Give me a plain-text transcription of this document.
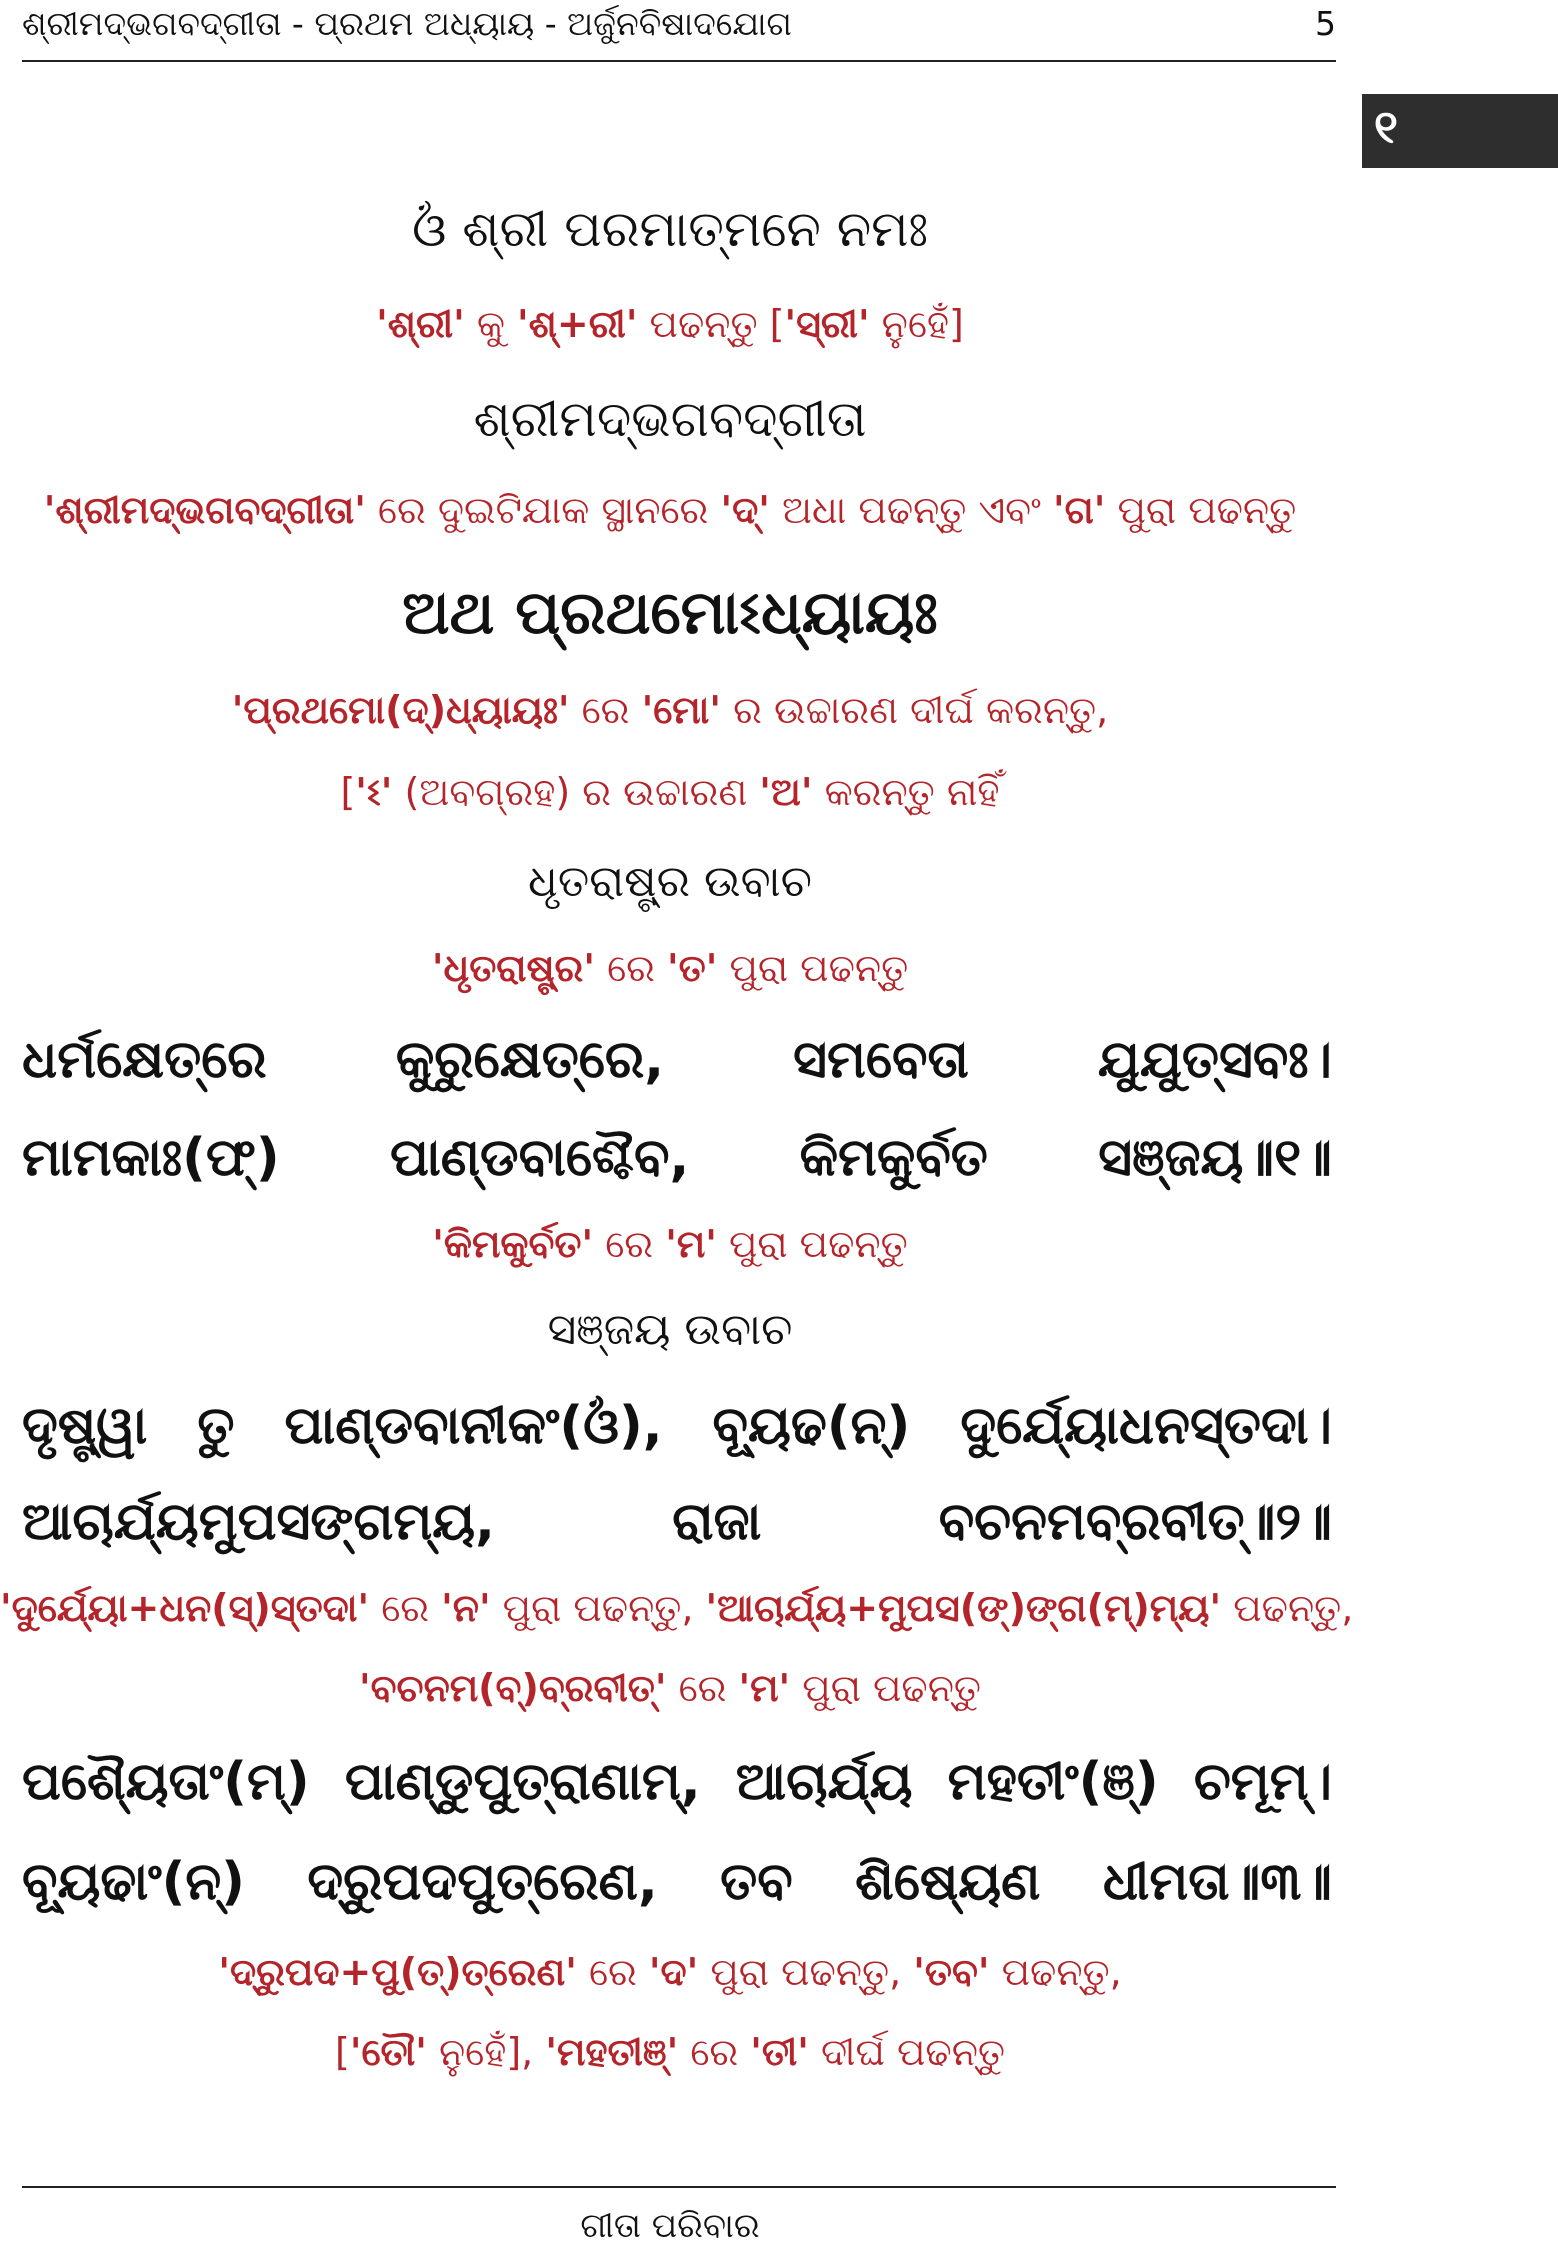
ଶ୍ରୀମଦ୍ଭଗବଦ୍ଗୀତା - ପ୍ରଥମ ଅଧ୍ୟାୟ - ଅର୍ଜୁନବିଷାଦଯୋଗ	5
୧
ଓଁ ଶ୍ରୀ ପରମାତ୍ମନେ ନମଃ
'ଶ୍ରୀ' କୁ 'ଶ୍‌+ରୀ' ପଢନ୍ତୁ ['ସ୍ରୀ' ନୁହେଁ]
ଶ୍ରୀମଦ୍ଭଗବଦ୍ଗୀତା
'ଶ୍ରୀମଦ୍ଭଗବଦ୍ଗୀତା' ରେ ଦୁଇଟିଯାକ ସ୍ଥାନରେ 'ଦ୍' ଅଧା ପଢନ୍ତୁ ଏବଂ 'ଗ' ପୁରା ପଢନ୍ତୁ
ଅଥ ପ୍ରଥମୋଽଧ୍ୟାୟଃ
'ପ୍ରଥମୋ(ଦ୍)ଧ୍ୟାୟଃ' ରେ 'ମୋ' ର ଉଚ୍ଚାରଣ ଦୀର୍ଘ କରନ୍ତୁ,
['ଽ' (ଅବଗ୍ରହ) ର ଉଚ୍ଚାରଣ 'ଅ' କରନ୍ତୁ ନାହିଁ
ଧୃତରାଷ୍ଟ୍ର ଉବାଚ
'ଧୃତରାଷ୍ଟ୍ର' ରେ 'ତ' ପୁରା ପଢନ୍ତୁ
ଧର୍ମକ୍ଷେତ୍ରେ କୁରୁକ୍ଷେତ୍ରେ, ସମବେତା ଯୁଯୁତ୍ସବଃ।
ମାମକାଃ(ଫ୍) ପାଣ୍ଡବାଶ୍ଚୈବ, କିମକୁର୍ବତ ସଞ୍ଜୟ॥୧॥
'କିମକୁର୍ବତ' ରେ 'ମ' ପୁରା ପଢନ୍ତୁ
ସଞ୍ଜୟ ଉବାଚ
ଦୃଷ୍ଟ୍ୱା ତୁ ପାଣ୍ଡବାନୀକଂ(ଓଁ), ବ୍ୟୂଢ(ନ୍) ଦୁର୍ଯ୍ୟୋଧନସ୍ତଦା।
ଆଚାର୍ଯ୍ୟମୁପସଙ୍ଗମ୍ୟ,	ରାଜା	ବଚନମବ୍ରବୀତ୍॥୨॥
'ଦୁର୍ଯ୍ୟୋ+ଧନ(ସ୍)ସ୍ତଦା' ରେ 'ନ' ପୁରା ପଢନ୍ତୁ, 'ଆଚାର୍ଯ୍ୟ+ମୁପସ(ଙ୍)ଙ୍ଗ(ମ୍)ମ୍ୟ' ପଢନ୍ତୁ,
'ବଚନମ(ବ୍)ବ୍ରବୀତ୍' ରେ 'ମ' ପୁରା ପଢନ୍ତୁ
ପଶ୍ୟୈତାଂ(ମ୍) ପାଣ୍ଡୁପୁତ୍ରାଣାମ୍, ଆଚାର୍ଯ୍ୟ ମହତୀଂ(ଞ୍) ଚମୂମ୍।
ବ୍ୟୂଢାଂ(ନ୍) ଦ୍ରୁପଦପୁତ୍ରେଣ, ତବ ଶିଷ୍ୟେଣ ଧୀମତା॥୩॥
'ଦ୍ରୁପଦ+ପୁ(ତ୍)ତ୍ରେଣ' ରେ 'ଦ' ପୁରା ପଢନ୍ତୁ, 'ତବ' ପଢନ୍ତୁ,
['ତୌ' ନୁହେଁ], 'ମହତୀଞ୍' ରେ 'ତୀ' ଦୀର୍ଘ ପଢନ୍ତୁ
ଗୀତା ପରିବାର
